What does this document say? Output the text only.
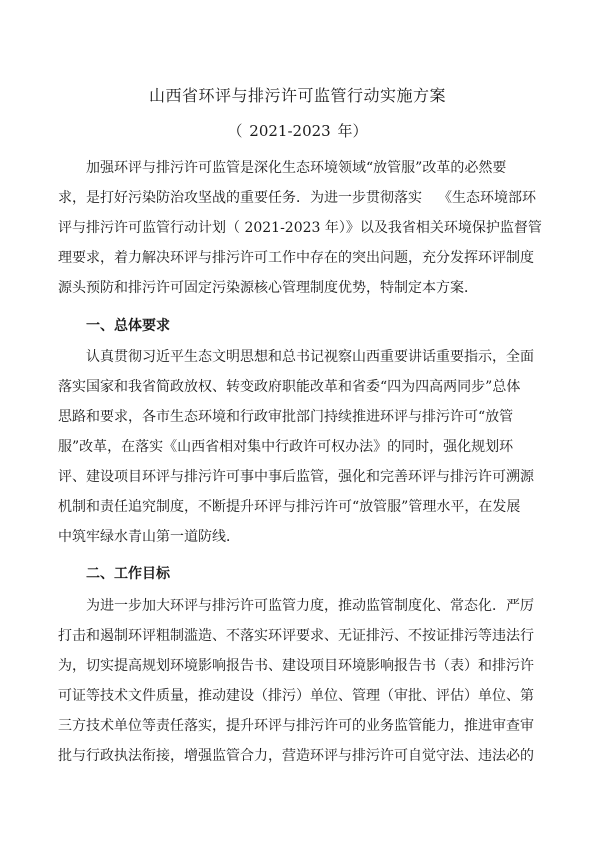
山西省环评与排污许可监管行动实施方案
（ 2021-2023 年）
加强环评与排污许可监管是深化生态环境领域“放管服”改革的必然要
求，是打好污染防治攻坚战的重要任务．为进一步贯彻落实	《生态环境部环
评与排污许可监管行动计划（ 2021-2023 年）》以及我省相关环境保护监督管
理要求，着力解决环评与排污许可工作中存在的突出问题，充分发挥环评制度
源头预防和排污许可固定污染源核心管理制度优势，特制定本方案．
一、总体要求
认真贯彻习近平生态文明思想和总书记视察山西重要讲话重要指示，全面
落实国家和我省简政放权、转变政府职能改革和省委“四为四高两同步”总体
思路和要求，各市生态环境和行政审批部门持续推进环评与排污许可“放管
服”改革，在落实《山西省相对集中行政许可权办法》的同时，强化规划环
评、建设项目环评与排污许可事中事后监管，强化和完善环评与排污许可溯源
机制和责任追究制度，不断提升环评与排污许可“放管服”管理水平，在发展
中筑牢绿水青山第一道防线．
二、工作目标
为进一步加大环评与排污许可监管力度，推动监管制度化、常态化．严厉
打击和遏制环评粗制滥造、不落实环评要求、无证排污、不按证排污等违法行
为，切实提高规划环境影响报告书、建设项目环境影响报告书（表）和排污许
可证等技术文件质量，推动建设（排污）单位、管理（审批、评估）单位、第
三方技术单位等责任落实，提升环评与排污许可的业务监管能力，推进审查审
批与行政执法衔接，增强监管合力，营造环评与排污许可自觉守法、违法必的
